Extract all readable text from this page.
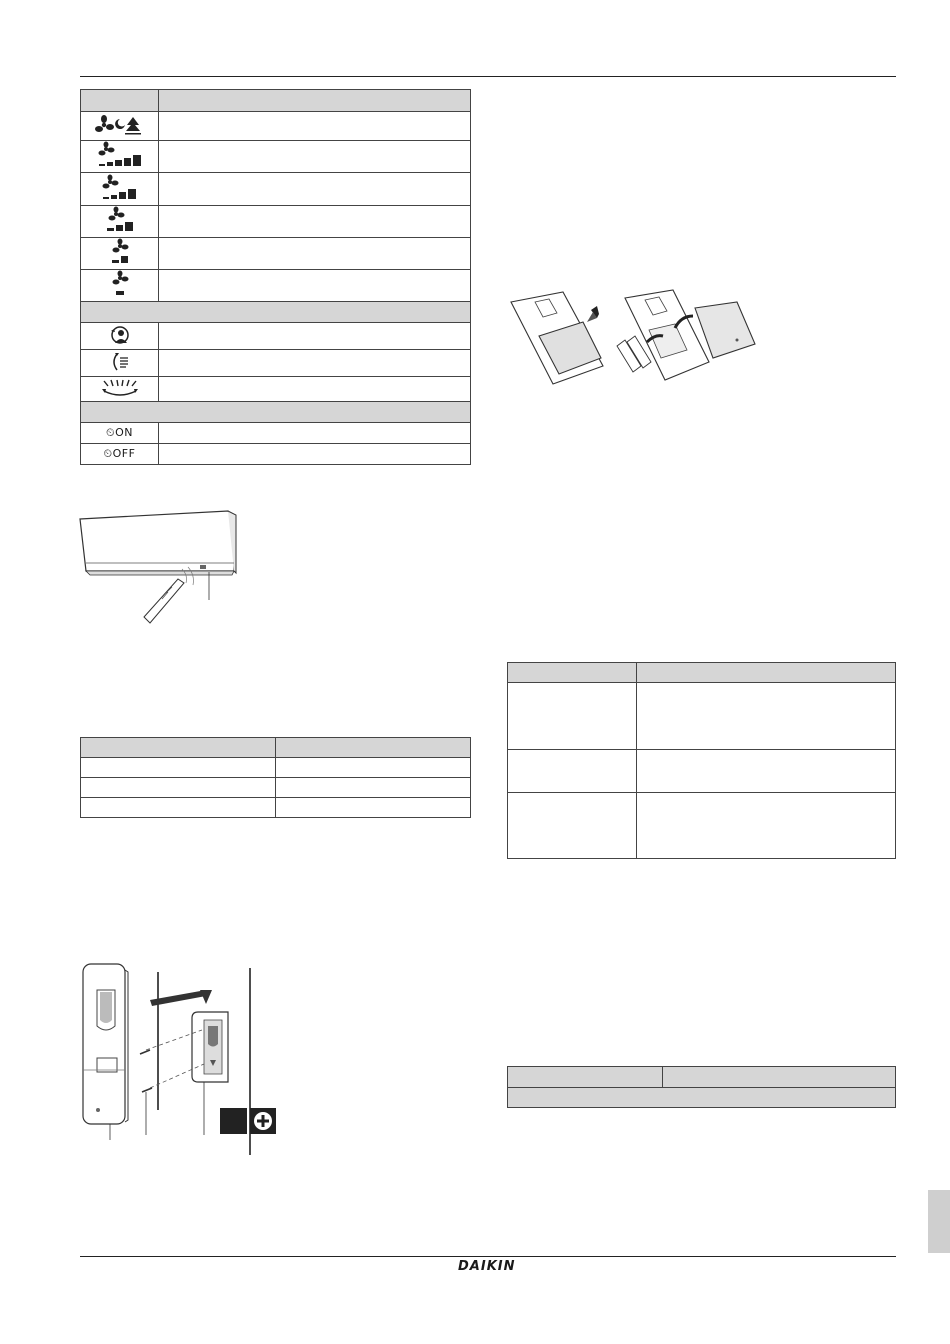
⏲ON	
⏲OFF	

DAIKIN
